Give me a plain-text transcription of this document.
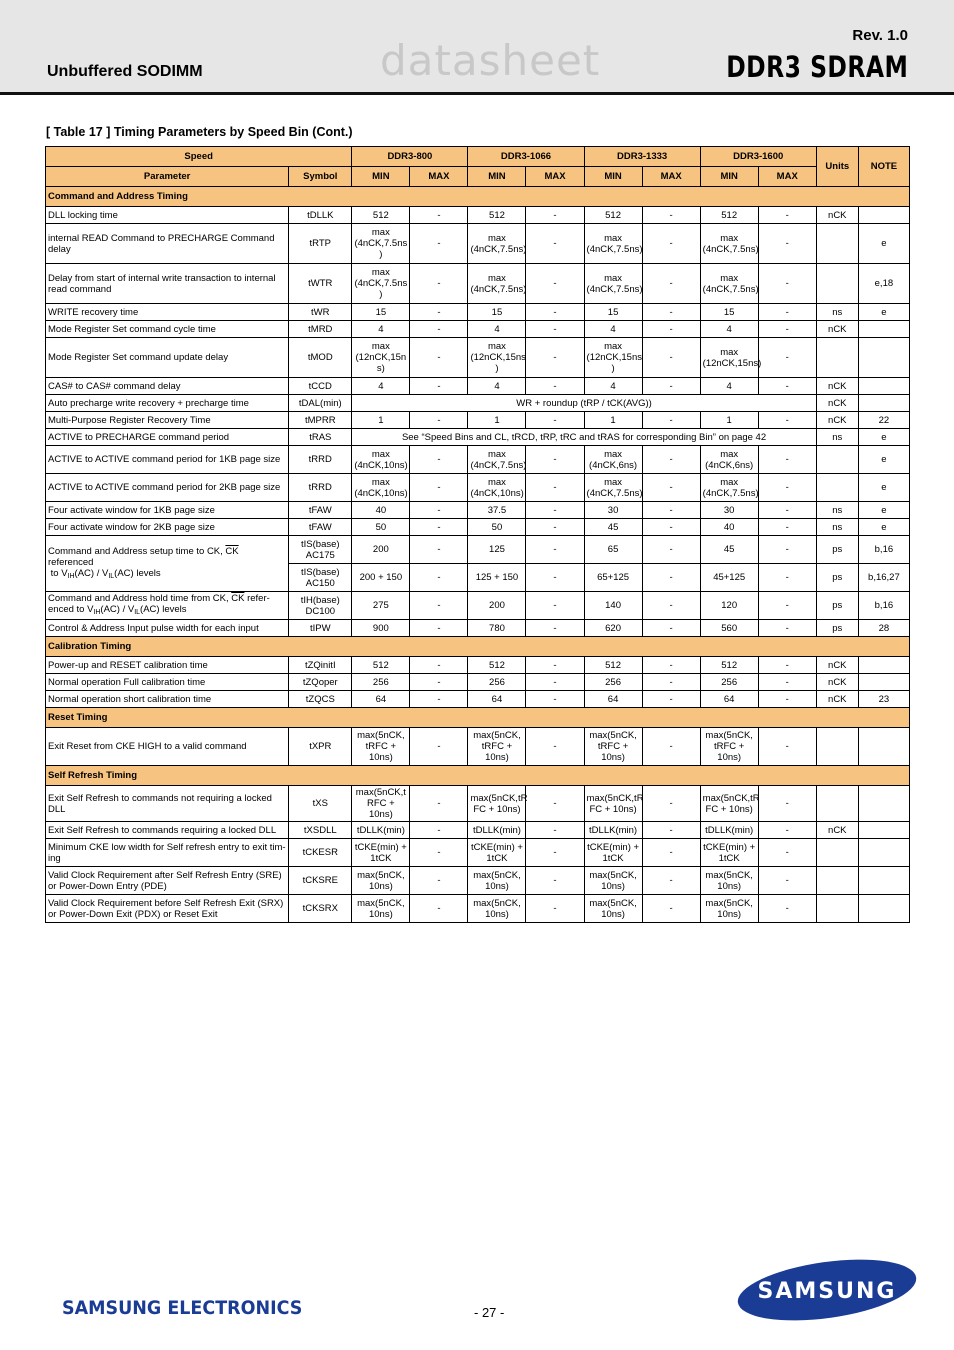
Rev. 1.0
DDR3 SDRAM
Unbuffered SODIMM	datasheet
[ Table 17 ] Timing Parameters by Speed Bin (Cont.)
Speed		DDR3-800		DDR3-1066		DDR3-1333		DDR3-1600		Units	NOTE
Parameter	Symbol	MIN	MAX	MIN	MAX	MIN	MAX	MIN	MAX		
Command and Address Timing											
DLL locking time	tDLLK	512	-	512	-	512	-	512	-	nCK	
internal READ Command to PRECHARGE Command delay	tRTP	max (4nCK,7.5ns )	-	max (4nCK,7.5ns)	-	max (4nCK,7.5ns)	-	max (4nCK,7.5ns)	-		e
Delay from start of internal write transaction to internal read command	tWTR	max (4nCK,7.5ns )	-	max (4nCK,7.5ns)	-	max (4nCK,7.5ns)	-	max (4nCK,7.5ns)	-		e,18
WRITE recovery time	tWR	15	-	15	-	15	-	15	-	ns	e
Mode Register Set command cycle time	tMRD	4	-	4	-	4	-	4	-	nCK	
Mode Register Set command update delay	tMOD	max (12nCK,15n s)	-	max (12nCK,15ns )	-	max (12nCK,15ns )	-	max (12nCK,15ns)	-		
CAS# to CAS# command delay	tCCD	4	-	4	-	4	-	4	-	nCK	
Auto precharge write recovery + precharge time	tDAL(min)	WR + roundup (tRP / tCK(AVG))								nCK	
Multi-Purpose Register Recovery Time	tMPRR	1	-	1	-	1	-	1	-	nCK	22
ACTIVE to PRECHARGE command period	tRAS	See “Speed Bins and CL, tRCD, tRP, tRC and tRAS for corresponding Bin” on page 42								ns	e
ACTIVE to ACTIVE command period for 1KB page size	tRRD	max (4nCK,10ns)	-	max (4nCK,7.5ns)	-	max (4nCK,6ns)	-	max (4nCK,6ns)	-		e
ACTIVE to ACTIVE command period for 2KB page size	tRRD	max (4nCK,10ns)	-	max (4nCK,10ns)	-	max (4nCK,7.5ns)	-	max (4nCK,7.5ns)	-		e
Four activate window for 1KB page size	tFAW	40	-	37.5	-	30	-	30	-	ns	e
Four activate window for 2KB page size	tFAW	50	-	50	-	45	-	40	-	ns	e
Command and Address setup time to CK, $\overline{CK}$ referenced
to $V_{IH}(AC) / V_{IL}(AC)$ levels	tIS(base) AC175	200	-	125	-	65	-	45	-	ps	b,16
	tIS(base) AC150	200 + 150	-	125 + 150	-	65+125	-	45+125	-	ps	b,16,27
Command and Address hold time from CK, $\overline{CK}$ refer-enced to $V_{IH}(AC) / V_{IL}(AC)$ levels	tIH(base) DC100	275	-	200	-	140	-	120	-	ps	b,16
Control & Address Input pulse width for each input	tIPW	900	-	780	-	620	-	560	-	ps	28
Calibration Timing											
Power-up and RESET calibration time	tZQinitI	512	-	512	-	512	-	512	-	nCK	
Normal operation Full calibration time	tZQoper	256	-	256	-	256	-	256	-	nCK	
Normal operation short calibration time	tZQCS	64	-	64	-	64	-	64	-	nCK	23
Reset Timing											
Exit Reset from CKE HIGH to a valid command	tXPR	max(5nCK, tRFC + 10ns)	-	max(5nCK, tRFC + 10ns)	-	max(5nCK, tRFC + 10ns)	-	max(5nCK, tRFC + 10ns)	-		
Self Refresh Timing											
Exit Self Refresh to commands not requiring a locked DLL	tXS	max(5nCK,t RFC + 10ns)	-	max(5nCK,tR FC + 10ns)	-	max(5nCK,tR FC + 10ns)	-	max(5nCK,tR FC + 10ns)	-		
Exit Self Refresh to commands requiring a locked DLL	tXSDLL	tDLLK(min)	-	tDLLK(min)	-	tDLLK(min)	-	tDLLK(min)	-	nCK	
Minimum CKE low width for Self refresh entry to exit tim-ing	tCKESR	tCKE(min) + 1tCK	-	tCKE(min) + 1tCK	-	tCKE(min) + 1tCK	-	tCKE(min) + 1tCK	-		
Valid Clock Requirement after Self Refresh Entry (SRE) or Power-Down Entry (PDE)	tCKSRE	max(5nCK, 10ns)	-	max(5nCK, 10ns)	-	max(5nCK, 10ns)	-	max(5nCK, 10ns)	-		
Valid Clock Requirement before Self Refresh Exit (SRX) or Power-Down Exit (PDX) or Reset Exit	tCKSRX	max(5nCK, 10ns)	-	max(5nCK, 10ns)	-	max(5nCK, 10ns)	-	max(5nCK, 10ns)	-		
SAMSUNG ELECTRONICS	- 27 -
SAMSUNG
